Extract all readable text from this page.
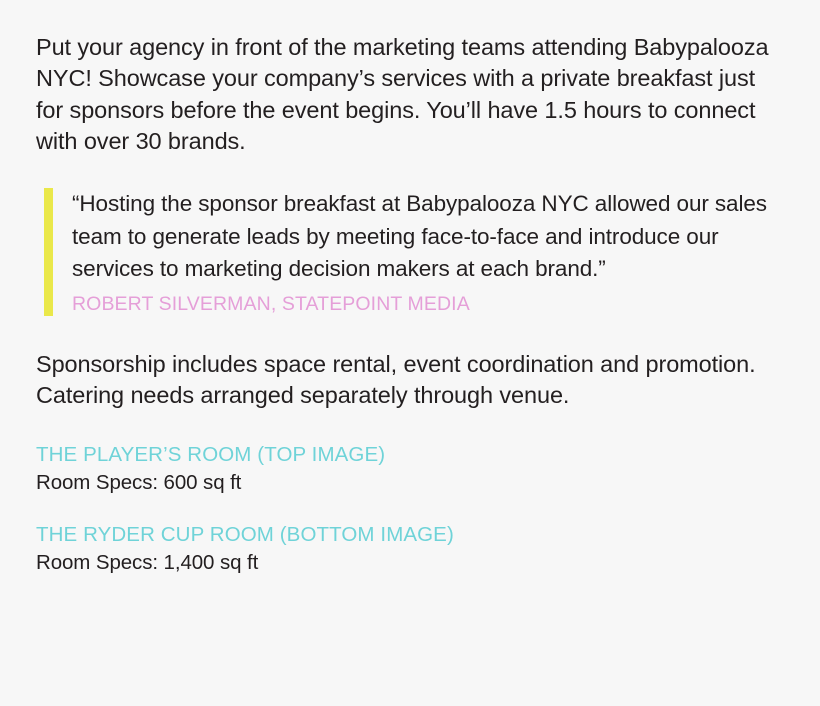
Put your agency in front of the marketing teams attending Babypalooza NYC! Showcase your company’s services with a private breakfast just for sponsors before the event begins. You’ll have 1.5 hours to connect with over 30 brands.

“Hosting the sponsor breakfast at Babypalooza NYC allowed our sales team to generate leads by meeting face-to-face and introduce our services to marketing decision makers at each brand.”

ROBERT SILVERMAN, STATEPOINT MEDIA

Sponsorship includes space rental, event coordination and promotion. Catering needs arranged separately through venue.

THE PLAYER’S ROOM (TOP IMAGE)

Room Specs: 600 sq ft

THE RYDER CUP ROOM (BOTTOM IMAGE)

Room Specs: 1,400 sq ft
